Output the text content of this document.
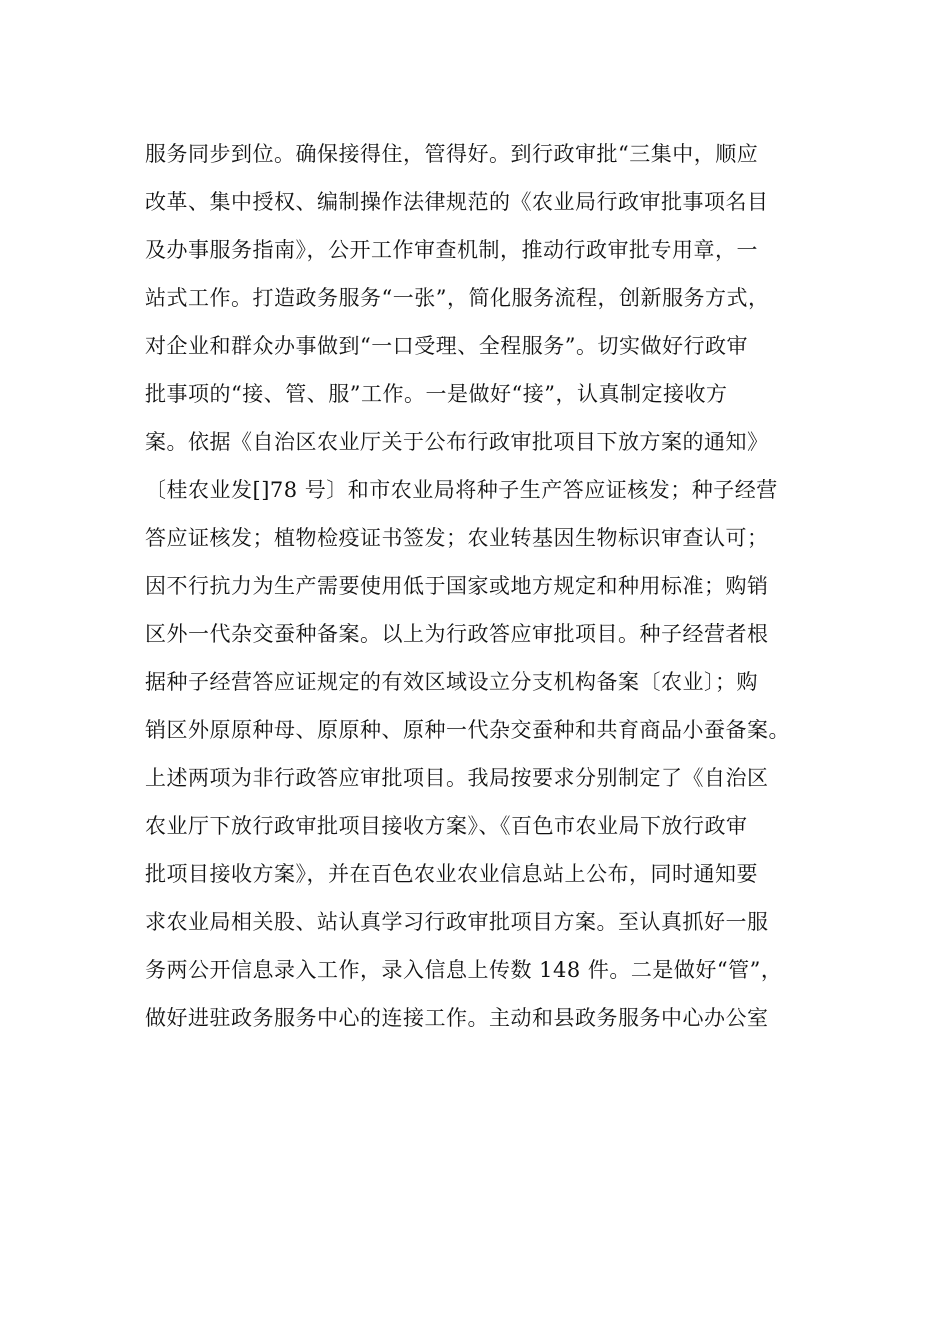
服务同步到位。确保接得住，管得好。到行政审批“三集中，顺应
改革、集中授权、编制操作法律规范的《农业局行政审批事项名目
及办事服务指南》，公开工作审查机制，推动行政审批专用章，一
站式工作。打造政务服务“一张”，简化服务流程，创新服务方式，
对企业和群众办事做到“一口受理、全程服务”。切实做好行政审
批事项的“接、管、服”工作。一是做好“接”，认真制定接收方
案。依据《自治区农业厅关于公布行政审批项目下放方案的通知》
〔桂农业发[]78 号〕和市农业局将种子生产答应证核发；种子经营
答应证核发；植物检疫证书签发；农业转基因生物标识审查认可；
因不行抗力为生产需要使用低于国家或地方规定和种用标准；购销
区外一代杂交蚕种备案。以上为行政答应审批项目。种子经营者根
据种子经营答应证规定的有效区域设立分支机构备案〔农业〕；购
销区外原原种母、原原种、原种一代杂交蚕种和共育商品小蚕备案。
上述两项为非行政答应审批项目。我局按要求分别制定了《自治区
农业厅下放行政审批项目接收方案》、《百色市农业局下放行政审
批项目接收方案》，并在百色农业农业信息站上公布，同时通知要
求农业局相关股、站认真学习行政审批项目方案。至认真抓好一服
务两公开信息录入工作，录入信息上传数 148 件。二是做好“管”，
做好进驻政务服务中心的连接工作。主动和县政务服务中心办公室
